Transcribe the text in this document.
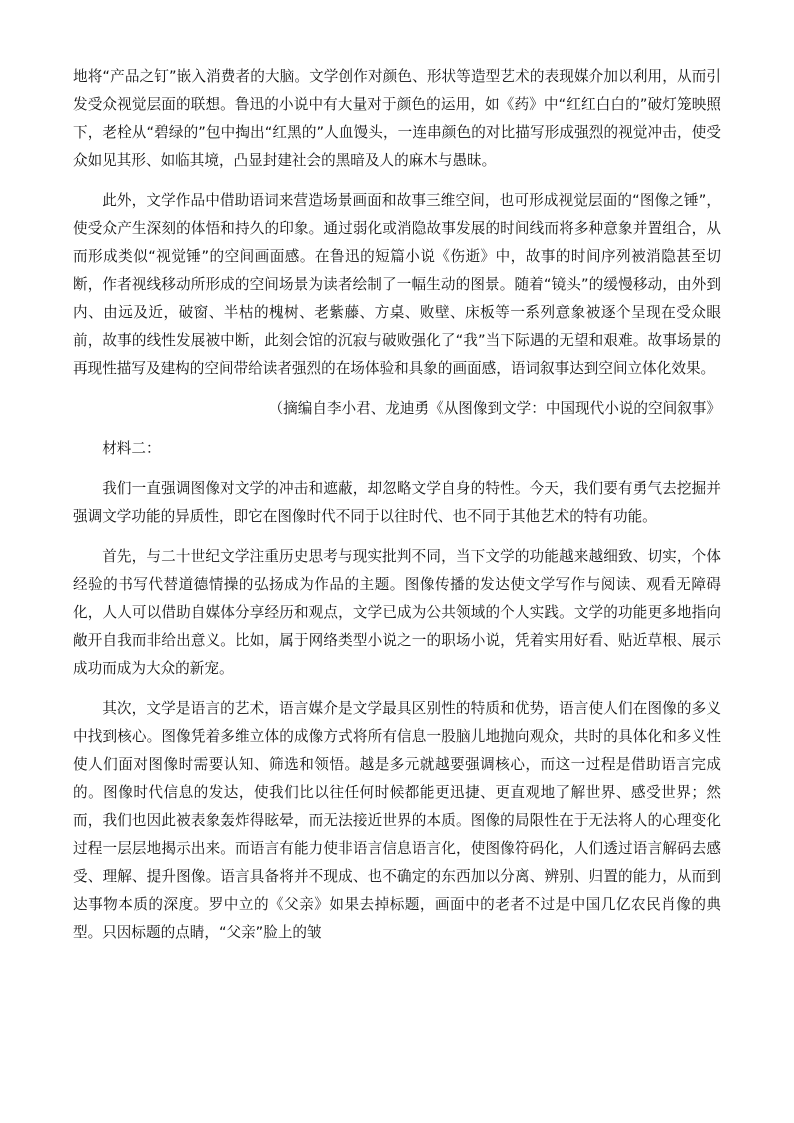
地将“产品之钉”嵌入消费者的大脑。文学创作对颜色、形状等造型艺术的表现媒介加以利用，从而引发受众视觉层面的联想。鲁迅的小说中有大量对于颜色的运用，如《药》中“红红白白的”破灯笼映照下，老栓从“碧绿的”包中掏出“红黑的”人血馒头，一连串颜色的对比描写形成强烈的视觉冲击，使受众如见其形、如临其境，凸显封建社会的黑暗及人的麻木与愚昧。

此外，文学作品中借助语词来营造场景画面和故事三维空间，也可形成视觉层面的“图像之锤”，使受众产生深刻的体悟和持久的印象。通过弱化或消隐故事发展的时间线而将多种意象并置组合，从而形成类似“视觉锤”的空间画面感。在鲁迅的短篇小说《伤逝》中，故事的时间序列被消隐甚至切断，作者视线移动所形成的空间场景为读者绘制了一幅生动的图景。随着“镜头”的缓慢移动，由外到内、由远及近，破窗、半枯的槐树、老紫藤、方桌、败壁、床板等一系列意象被逐个呈现在受众眼前，故事的线性发展被中断，此刻会馆的沉寂与破败强化了“我”当下际遇的无望和艰难。故事场景的再现性描写及建构的空间带给读者强烈的在场体验和具象的画面感，语词叙事达到空间立体化效果。

（摘编自李小君、龙迪勇《从图像到文学：中国现代小说的空间叙事》

材料二：

我们一直强调图像对文学的冲击和遮蔽，却忽略文学自身的特性。今天，我们要有勇气去挖掘并强调文学功能的异质性，即它在图像时代不同于以往时代、也不同于其他艺术的特有功能。

首先，与二十世纪文学注重历史思考与现实批判不同，当下文学的功能越来越细致、切实，个体经验的书写代替道德情操的弘扬成为作品的主题。图像传播的发达使文学写作与阅读、观看无障碍化，人人可以借助自媒体分享经历和观点，文学已成为公共领域的个人实践。文学的功能更多地指向敞开自我而非给出意义。比如，属于网络类型小说之一的职场小说，凭着实用好看、贴近草根、展示成功而成为大众的新宠。

其次，文学是语言的艺术，语言媒介是文学最具区别性的特质和优势，语言使人们在图像的多义中找到核心。图像凭着多维立体的成像方式将所有信息一股脑儿地抛向观众，共时的具体化和多义性使人们面对图像时需要认知、筛选和领悟。越是多元就越要强调核心，而这一过程是借助语言完成的。图像时代信息的发达，使我们比以往任何时候都能更迅捷、更直观地了解世界、感受世界；然而，我们也因此被表象轰炸得眩晕，而无法接近世界的本质。图像的局限性在于无法将人的心理变化过程一层层地揭示出来。而语言有能力使非语言信息语言化，使图像符码化，人们透过语言解码去感受、理解、提升图像。语言具备将并不现成、也不确定的东西加以分离、辨别、归置的能力，从而到达事物本质的深度。罗中立的《父亲》如果去掉标题，画面中的老者不过是中国几亿农民肖像的典型。只因标题的点睛，“父亲”脸上的皱
